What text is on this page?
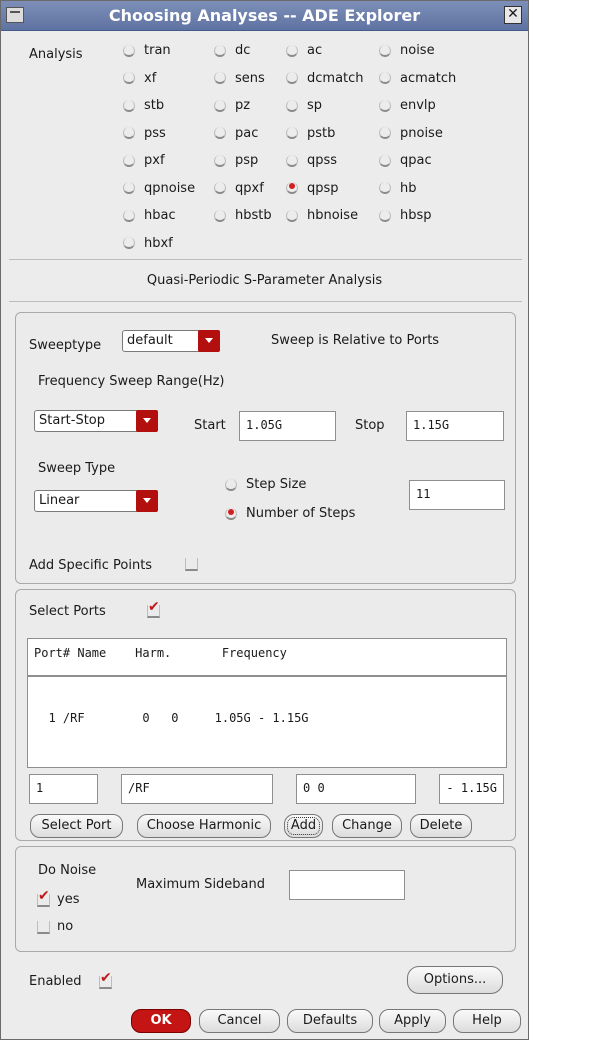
Choosing Analyses -- ADE Explorer	✕
Analysis	tran	dc	ac	noise
xf	sens	dcmatch	acmatch
stb	pz	sp	envlp
pss	pac	pstb	pnoise
pxf	psp	qpss	qpac
qpnoise	qpxf	qpsp	hb
hbac	hbstb	hbnoise	hbsp
hbxf
Quasi-Periodic S-Parameter Analysis
Sweeptype	default	Sweep is Relative to Ports
Frequency Sweep Range(Hz)
Start-Stop	Start	1.05G	Stop	1.15G
Sweep Type
Linear
Step Size
Number of Steps
11
Add Specific Points
Select Ports
✔
Port# Name    Harm.       Frequency

1 /RF        0   0     1.05G - 1.15G

1	/RF	0 0	- 1.15G
Select Port	Choose Harmonic	Add	Change	Delete
Do Noise
✔
yes
no
Maximum Sideband
Enabled
✔	Options...
OK	Cancel	Defaults	Apply	Help
